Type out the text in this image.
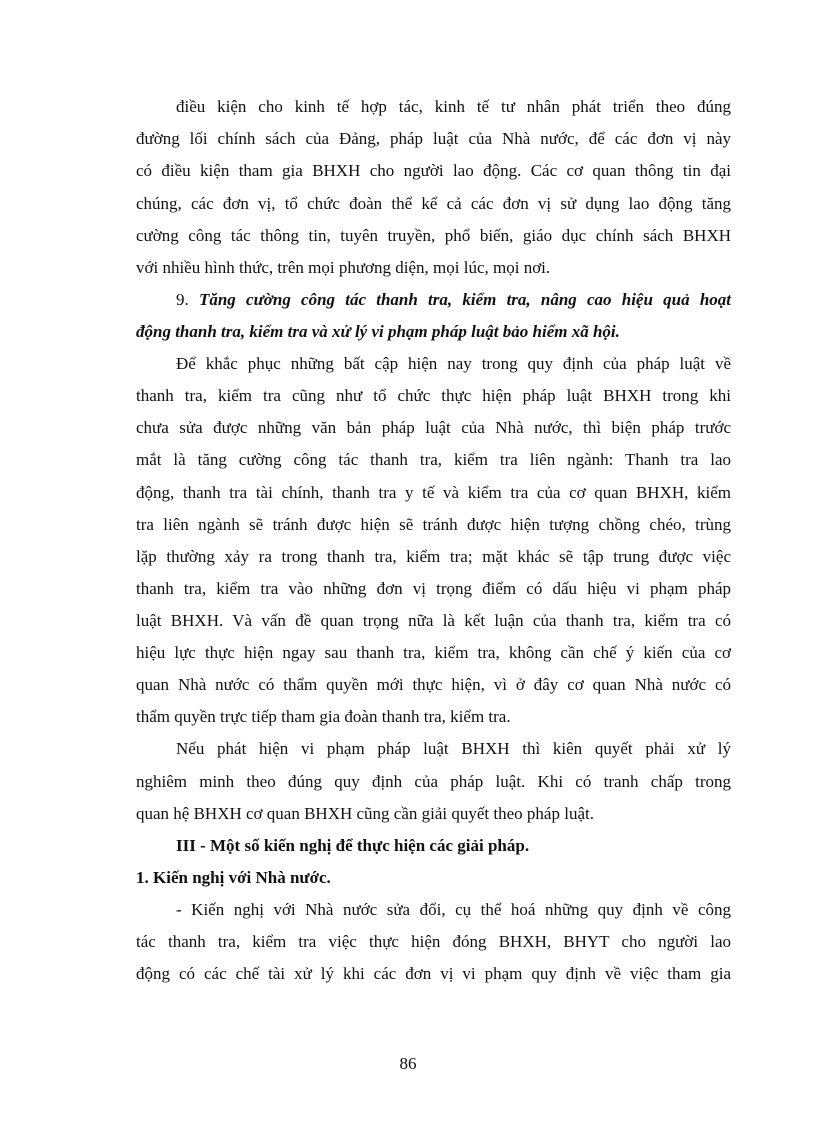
điều kiện cho kinh tế hợp tác, kinh tế tư nhân phát triển theo đúng
đường lối chính sách của Đảng, pháp luật của Nhà nước, để các đơn vị này
có điều kiện tham gia BHXH cho người lao động. Các cơ quan thông tin đại
chúng, các đơn vị, tổ chức đoàn thể kể cả các đơn vị sử dụng lao động tăng
cường công tác thông tin, tuyên truyền, phổ biến, giáo dục chính sách BHXH
với nhiều hình thức, trên mọi phương diện, mọi lúc, mọi nơi.
9. Tăng cường công tác thanh tra, kiểm tra, nâng cao hiệu quả hoạt
động thanh tra, kiểm tra và xử lý vi phạm pháp luật bảo hiểm xã hội.
Để khắc phục những bất cập hiện nay trong quy định của pháp luật về
thanh tra, kiểm tra cũng như tổ chức thực hiện pháp luật BHXH trong khi
chưa sửa được những văn bản pháp luật của Nhà nước, thì biện pháp trước
mắt là tăng cường công tác thanh tra, kiểm tra liên ngành: Thanh tra lao
động, thanh tra tài chính, thanh tra y tế và kiểm tra của cơ quan BHXH, kiểm
tra liên ngành sẽ tránh được hiện sẽ tránh được hiện tượng chồng chéo, trùng
lặp thường xảy ra trong thanh tra, kiểm tra; mặt khác sẽ tập trung được việc
thanh tra, kiểm tra vào những đơn vị trọng điểm có dấu hiệu vi phạm pháp
luật BHXH. Và vấn đề quan trọng nữa là kết luận của thanh tra, kiểm tra có
hiệu lực thực hiện ngay sau thanh tra, kiểm tra, không cần chế ý kiến của cơ
quan Nhà nước có thẩm quyền mới thực hiện, vì ở đây cơ quan Nhà nước có
thẩm quyền trực tiếp tham gia đoàn thanh tra, kiểm tra.
Nếu phát hiện vi phạm pháp luật BHXH thì kiên quyết phải xử lý
nghiêm minh theo đúng quy định của pháp luật. Khi có tranh chấp trong
quan hệ BHXH cơ quan BHXH cũng cần giải quyết theo pháp luật.
III - Một số kiến nghị để thực hiện các giải pháp.
1. Kiến nghị với Nhà nước.
- Kiến nghị với Nhà nước sửa đổi, cụ thể hoá những quy định về công
tác thanh tra, kiểm tra việc thực hiện đóng BHXH, BHYT cho người lao
động có các chế tài xử lý khi các đơn vị vi phạm quy định về việc tham gia
86
